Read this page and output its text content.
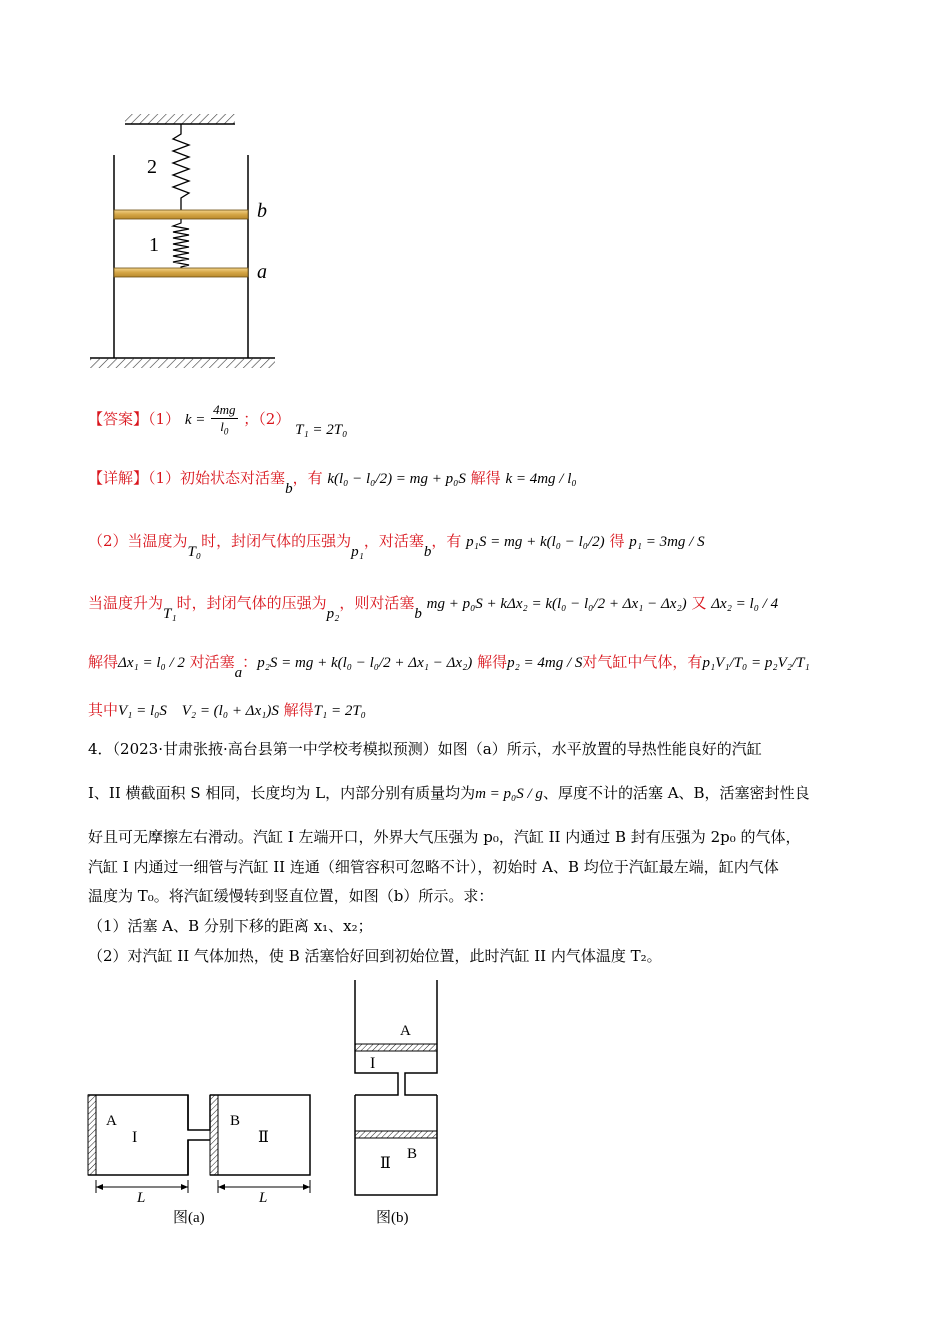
2
1
b
a
【答案】（1） $k = \frac{4mg}{l_0}$ ；（2） T₁ = 2T₀
【详解】（1）初始状态对活塞b，有 k(l₀ − l₀/2) = mg + p₀S 解得 k = 4mg / l₀
（2）当温度为T₀时，封闭气体的压强为p₁，对活塞b，有 p₁S = mg + k(l₀ − l₀/2) 得 p₁ = 3mg / S
当温度升为T₁时，封闭气体的压强为p₂，则对活塞b mg + p₀S + kΔx₂ = k(l₀ − l₀/2 + Δx₁ − Δx₂) 又 Δx₂ = l₀ / 4
解得Δx₁ = l₀ / 2 对活塞a：p₂S = mg + k(l₀ − l₀/2 + Δx₁ − Δx₂) 解得p₂ = 4mg / S对气缸中气体，有p₁V₁/T₀ = p₂V₂/T₁
其中V₁ = l₀S V₂ = (l₀ + Δx₁)S 解得T₁ = 2T₀
4．（2023·甘肃张掖·高台县第一中学校考模拟预测）如图（a）所示，水平放置的导热性能良好的汽缸
I、II 横截面积 S 相同，长度均为 L，内部分别有质量均为m = p₀S / g、厚度不计的活塞 A、B，活塞密封性良
好且可无摩擦左右滑动。汽缸 I 左端开口，外界大气压强为 p₀，汽缸 II 内通过 B 封有压强为 2p₀ 的气体，
汽缸 I 内通过一细管与汽缸 II 连通（细管容积可忽略不计），初始时 A、B 均位于汽缸最左端，缸内气体
温度为 T₀。将汽缸缓慢转到竖直位置，如图（b）所示。求：
（1）活塞 A、B 分别下移的距离 x₁、x₂；
（2）对汽缸 II 气体加热，使 B 活塞恰好回到初始位置，此时汽缸 II 内气体温度 T₂。
A
I
B
Ⅱ
L	L
图(a)
A
I
Ⅱ
B
图(b)
